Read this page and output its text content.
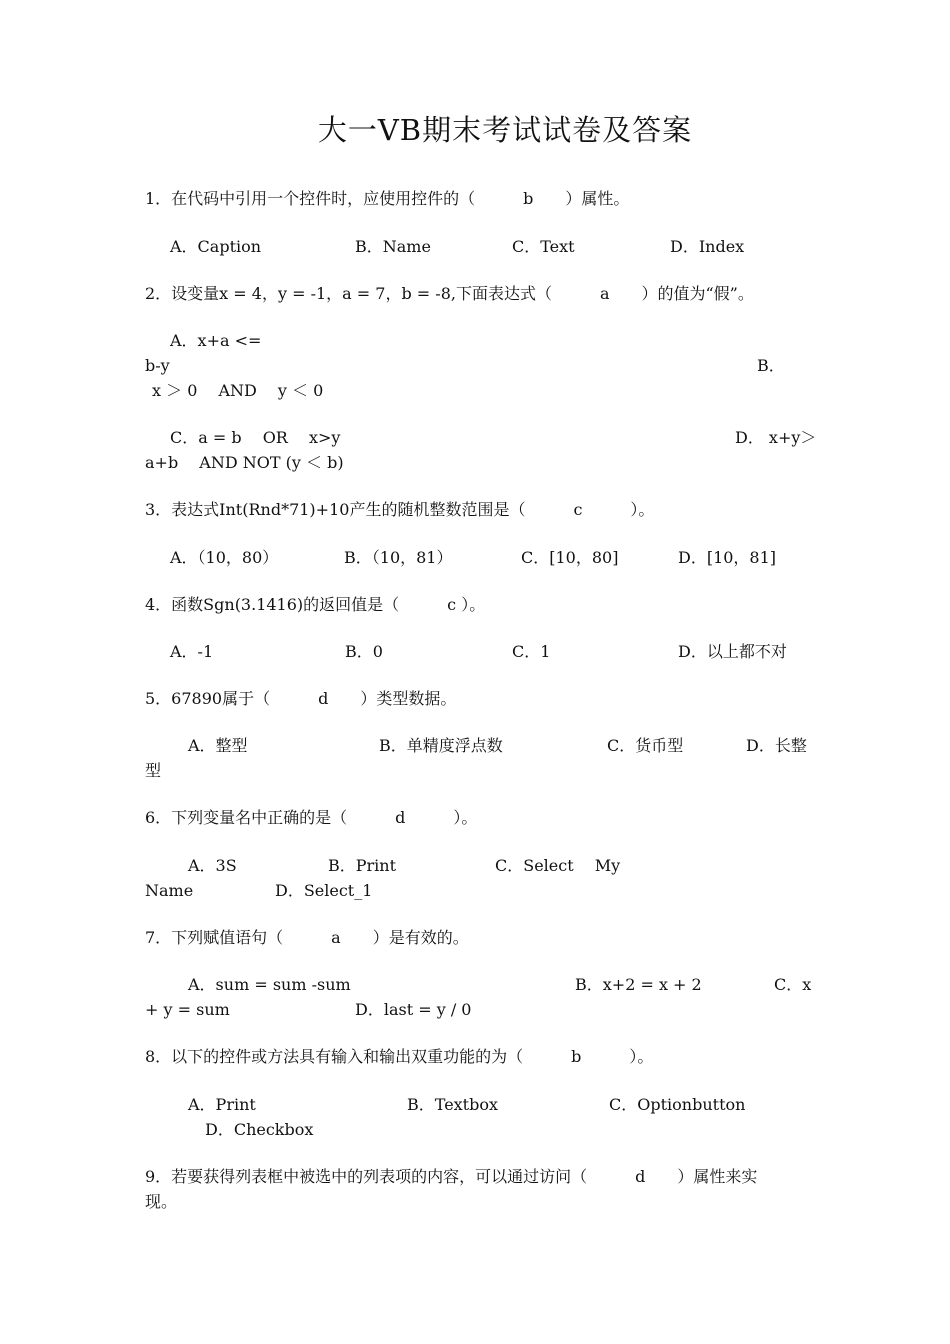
大一VB期末考试试卷及答案
1．在代码中引用一个控件时，应使用控件的（　　　b　　）属性。
A．Caption	B．Name	C．Text	D．Index
2．设变量x = 4，y = -1，a = 7，b = -8,下面表达式（　　　a　　）的值为“假”。
A．x+a <=
b-y	B．
x ＞ 0　 AND　 y ＜ 0
C．a = b　 OR　 x>y	D． x+y＞
a+b　 AND NOT (y ＜ b)
3．表达式Int(Rnd*71)+10产生的随机整数范围是（　　　c　　　）。
A．（10，80）	B．（10，81）	C．[10，80]	D．[10，81]
4．函数Sgn(3.1416)的返回值是（　　　c ）。
A．-1	B．0	C．1	D．以上都不对
5．67890属于（　　　d　　）类型数据。
A．整型	B．单精度浮点数	C．货币型	D．长整
型
6．下列变量名中正确的是（　　　d　　　）。
A．3S	B．Print	C．Select　 My
Name	D．Select_1
7．下列赋值语句（　　　a　　）是有效的。
A．sum = sum -sum	B．x+2 = x + 2	C．x
+ y = sum	D．last = y / 0
8．以下的控件或方法具有输入和输出双重功能的为（　　　b　　　）。
A．Print	B．Textbox	C．Optionbutton
D．Checkbox
9．若要获得列表框中被选中的列表项的内容，可以通过访问（　　　d　　）属性来实
现。
